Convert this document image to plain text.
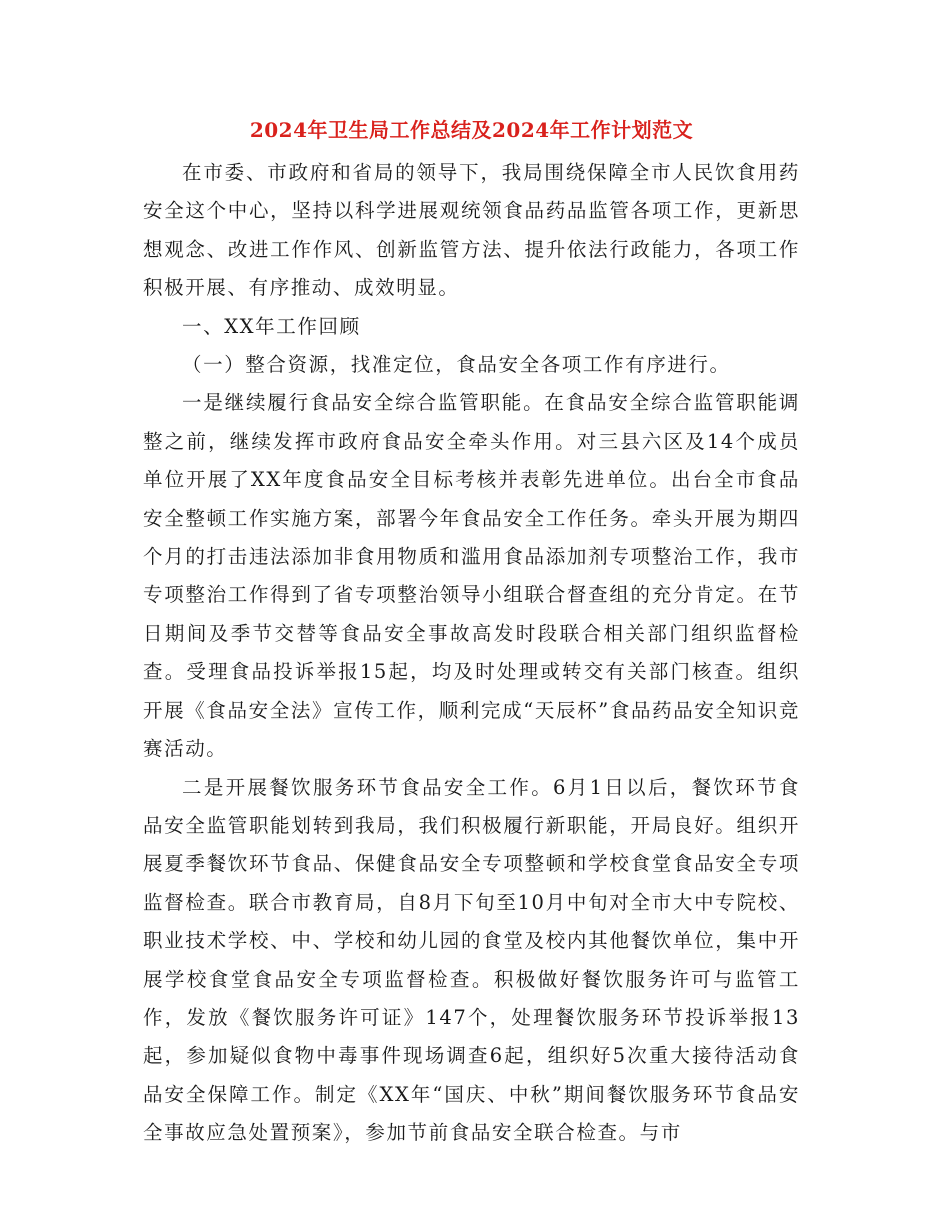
2024年卫生局工作总结及2024年工作计划范文

在市委、市政府和省局的领导下，我局围绕保障全市人民饮食用药安全这个中心，坚持以科学进展观统领食品药品监管各项工作，更新思想观念、改进工作作风、创新监管方法、提升依法行政能力，各项工作积极开展、有序推动、成效明显。

一、XX年工作回顾

（一）整合资源，找准定位，食品安全各项工作有序进行。

一是继续履行食品安全综合监管职能。在食品安全综合监管职能调整之前，继续发挥市政府食品安全牵头作用。对三县六区及14个成员单位开展了XX年度食品安全目标考核并表彰先进单位。出台全市食品安全整顿工作实施方案，部署今年食品安全工作任务。牵头开展为期四个月的打击违法添加非食用物质和滥用食品添加剂专项整治工作，我市专项整治工作得到了省专项整治领导小组联合督查组的充分肯定。在节日期间及季节交替等食品安全事故高发时段联合相关部门组织监督检查。受理食品投诉举报15起，均及时处理或转交有关部门核查。组织开展《食品安全法》宣传工作，顺利完成“天辰杯”食品药品安全知识竞赛活动。

二是开展餐饮服务环节食品安全工作。6月1日以后，餐饮环节食品安全监管职能划转到我局，我们积极履行新职能，开局良好。组织开展夏季餐饮环节食品、保健食品安全专项整顿和学校食堂食品安全专项监督检查。联合市教育局，自8月下旬至10月中旬对全市大中专院校、职业技术学校、中、学校和幼儿园的食堂及校内其他餐饮单位，集中开展学校食堂食品安全专项监督检查。积极做好餐饮服务许可与监管工作，发放《餐饮服务许可证》147个，处理餐饮服务环节投诉举报13起，参加疑似食物中毒事件现场调查6起，组织好5次重大接待活动食品安全保障工作。制定《XX年“国庆、中秋”期间餐饮服务环节食品安全事故应急处置预案》，参加节前食品安全联合检查。与市
